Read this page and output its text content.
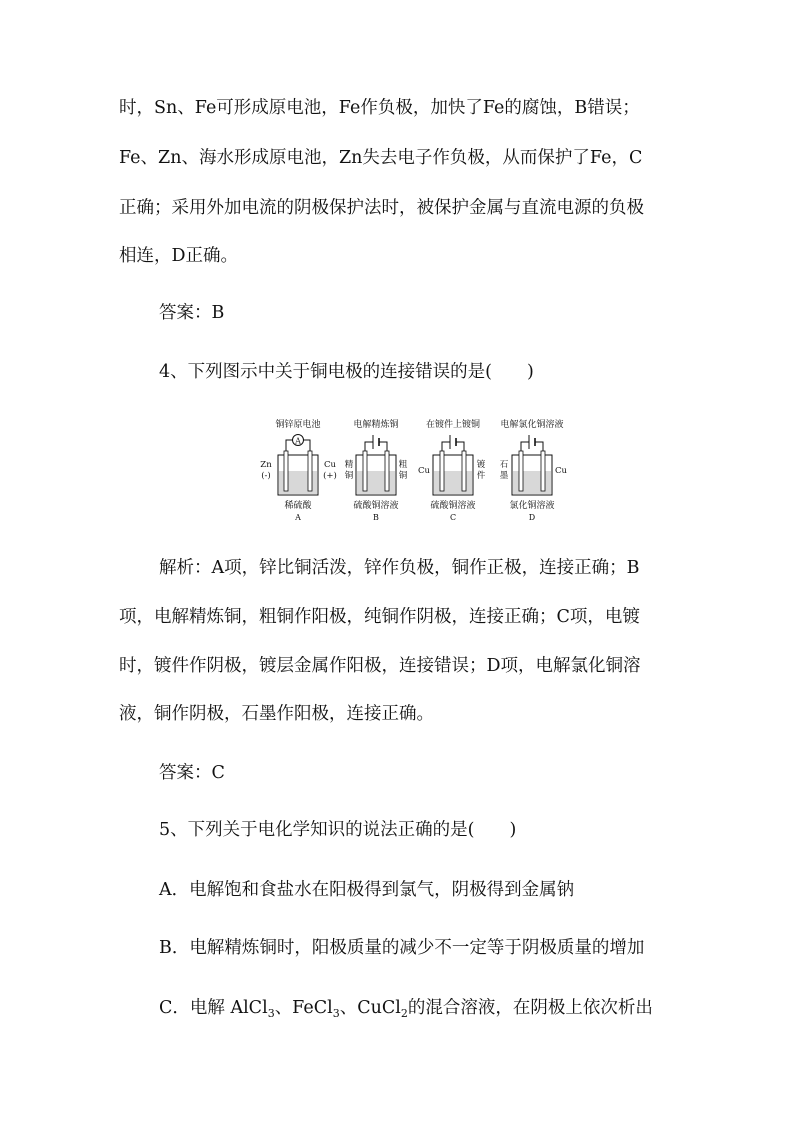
时，Sn、Fe可形成原电池，Fe作负极，加快了Fe的腐蚀，B错误；
Fe、Zn、海水形成原电池，Zn失去电子作负极，从而保护了Fe，C
正确；采用外加电流的阴极保护法时，被保护金属与直流电源的负极
相连，D正确。
答案：B
4、下列图示中关于铜电极的连接错误的是(　　)
铜锌原电池
A
Zn
(-)
Cu
(+)
稀硫酸
A
电解精炼铜
精
铜
粗
铜
硫酸铜溶液
B
在镀件上镀铜
Cu
镀
件
硫酸铜溶液
C
电解氯化铜溶液
石
墨	Cu
氯化铜溶液
D
解析：A项，锌比铜活泼，锌作负极，铜作正极，连接正确；B
项，电解精炼铜，粗铜作阳极，纯铜作阴极，连接正确；C项，电镀
时，镀件作阴极，镀层金属作阳极，连接错误；D项，电解氯化铜溶
液，铜作阴极，石墨作阳极，连接正确。
答案：C
5、下列关于电化学知识的说法正确的是(　　)
A．电解饱和食盐水在阳极得到氯气，阴极得到金属钠
B．电解精炼铜时，阳极质量的减少不一定等于阴极质量的增加
C．电解 AlCl$_3$、FeCl$_3$、CuCl$_2$的混合溶液，在阴极上依次析出
